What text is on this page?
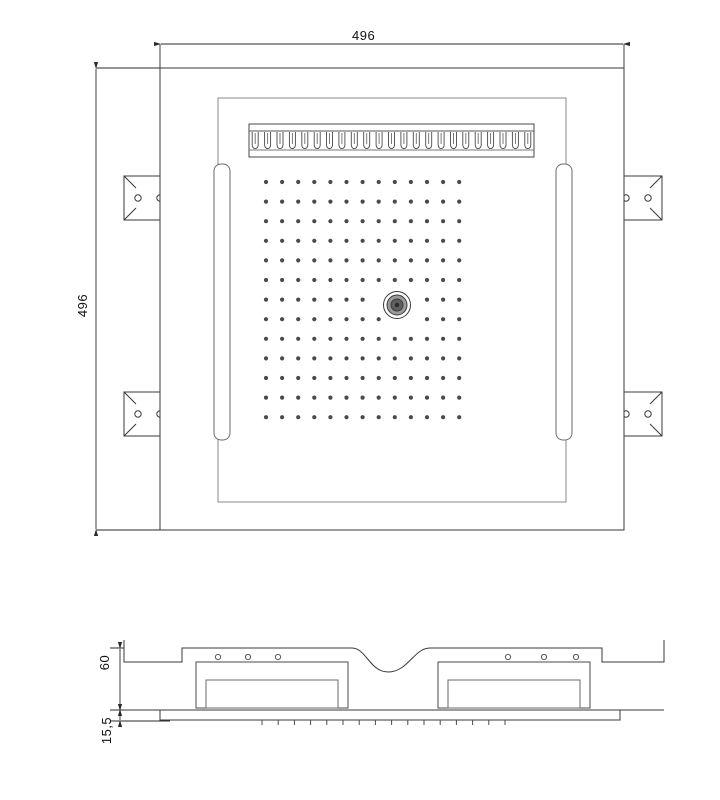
496
496
60
15,5
